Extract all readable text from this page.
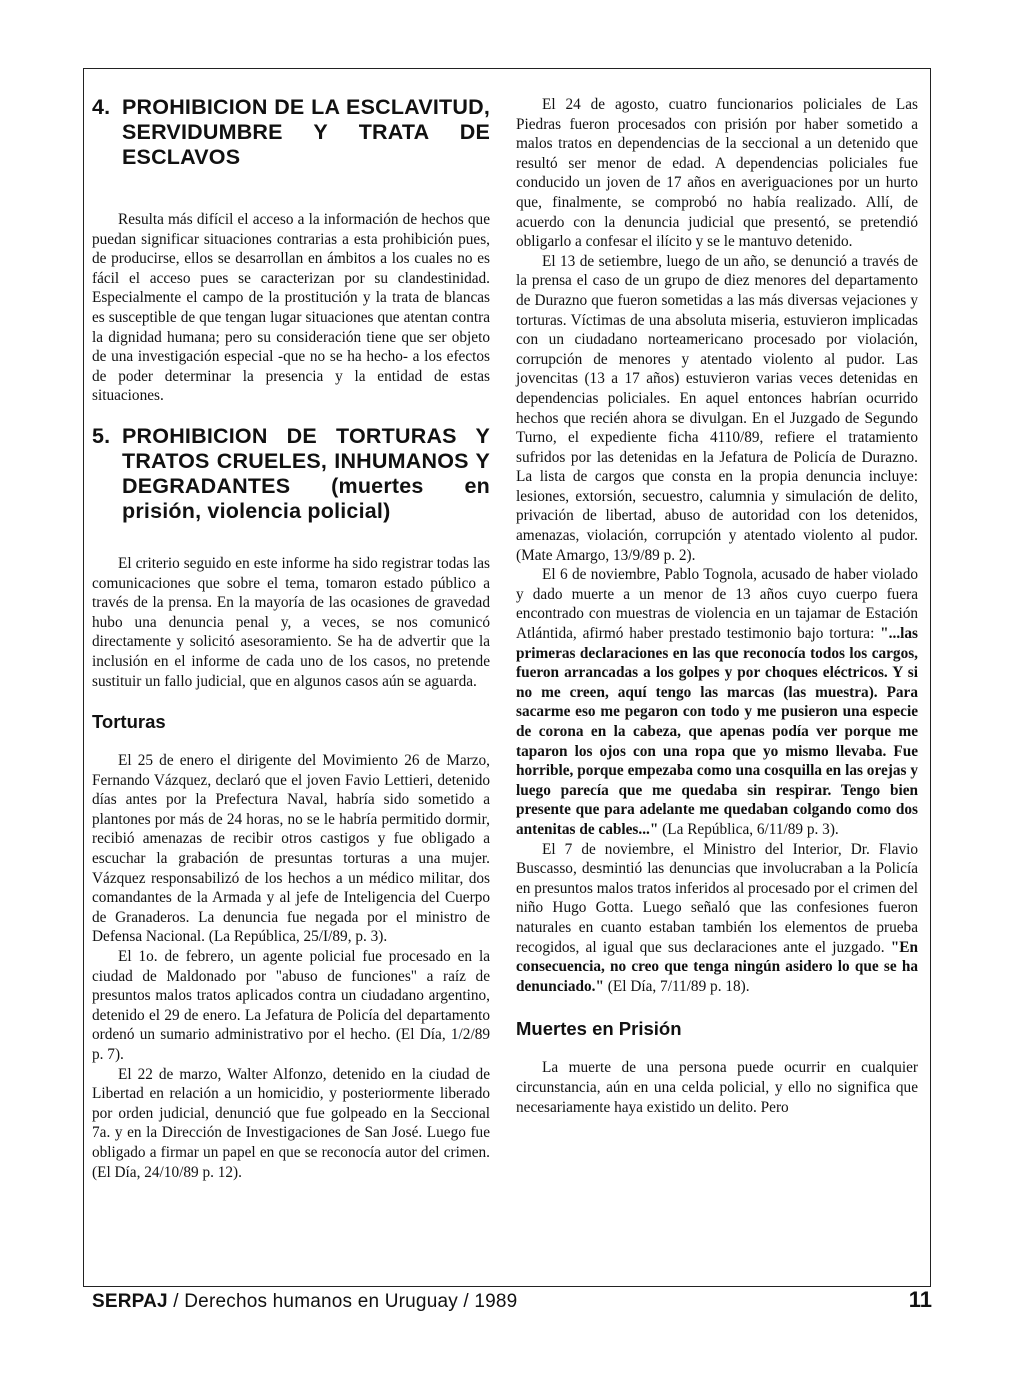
4. PROHIBICION DE LA ESCLAVITUD, SERVIDUMBRE Y TRATA DE ESCLAVOS

Resulta más difícil el acceso a la información de hechos que puedan significar situaciones contrarias a esta prohibición pues, de producirse, ellos se desarrollan en ámbitos a los cuales no es fácil el acceso pues se caracterizan por su clandestinidad. Especialmente el campo de la prostitución y la trata de blancas es susceptible de que tengan lugar situaciones que atentan contra la dignidad humana; pero su consideración tiene que ser objeto de una investigación especial -que no se ha hecho- a los efectos de poder determinar la presencia y la entidad de estas situaciones.

5. PROHIBICION DE TORTURAS Y TRATOS CRUELES, INHUMANOS Y DEGRADANTES (muertes en prisión, violencia policial)

El criterio seguido en este informe ha sido registrar todas las comunicaciones que sobre el tema, tomaron estado público a través de la prensa. En la mayoría de las ocasiones de gravedad hubo una denuncia penal y, a veces, se nos comunicó directamente y solicitó asesoramiento. Se ha de advertir que la inclusión en el informe de cada uno de los casos, no pretende sustituir un fallo judicial, que en algunos casos aún se aguarda.

Torturas

El 25 de enero el dirigente del Movimiento 26 de Marzo, Fernando Vázquez, declaró que el joven Favio Lettieri, detenido días antes por la Prefectura Naval, habría sido sometido a plantones por más de 24 horas, no se le habría permitido dormir, recibió amenazas de recibir otros castigos y fue obligado a escuchar la grabación de presuntas torturas a una mujer. Vázquez responsabilizó de los hechos a un médico militar, dos comandantes de la Armada y al jefe de Inteligencia del Cuerpo de Granaderos. La denuncia fue negada por el ministro de Defensa Nacional. (La República, 25/I/89, p. 3).

El 1o. de febrero, un agente policial fue procesado en la ciudad de Maldonado por "abuso de funciones" a raíz de presuntos malos tratos aplicados contra un ciudadano argentino, detenido el 29 de enero. La Jefatura de Policía del departamento ordenó un sumario administrativo por el hecho. (El Día, 1/2/89 p. 7).

El 22 de marzo, Walter Alfonzo, detenido en la ciudad de Libertad en relación a un homicidio, y posteriormente liberado por orden judicial, denunció que fue golpeado en la Seccional 7a. y en la Dirección de Investigaciones de San José. Luego fue obligado a firmar un papel en que se reconocía autor del crimen. (El Día, 24/10/89 p. 12).

El 24 de agosto, cuatro funcionarios policiales de Las Piedras fueron procesados con prisión por haber sometido a malos tratos en dependencias de la seccional a un detenido que resultó ser menor de edad. A dependencias policiales fue conducido un joven de 17 años en averiguaciones por un hurto que, finalmente, se comprobó no había realizado. Allí, de acuerdo con la denuncia judicial que presentó, se pretendió obligarlo a confesar el ilícito y se le mantuvo detenido.

El 13 de setiembre, luego de un año, se denunció a través de la prensa el caso de un grupo de diez menores del departamento de Durazno que fueron sometidas a las más diversas vejaciones y torturas. Víctimas de una absoluta miseria, estuvieron implicadas con un ciudadano norteamericano procesado por violación, corrupción de menores y atentado violento al pudor. Las jovencitas (13 a 17 años) estuvieron varias veces detenidas en dependencias policiales. En aquel entonces habrían ocurrido hechos que recién ahora se divulgan. En el Juzgado de Segundo Turno, el expediente ficha 4110/89, refiere el tratamiento sufridos por las detenidas en la Jefatura de Policía de Durazno. La lista de cargos que consta en la propia denuncia incluye: lesiones, extorsión, secuestro, calumnia y simulación de delito, privación de libertad, abuso de autoridad con los detenidos, amenazas, violación, corrupción y atentado violento al pudor. (Mate Amargo, 13/9/89 p. 2).

El 6 de noviembre, Pablo Tognola, acusado de haber violado y dado muerte a un menor de 13 años cuyo cuerpo fuera encontrado con muestras de violencia en un tajamar de Estación Atlántida, afirmó haber prestado testimonio bajo tortura: "...las primeras declaraciones en las que reconocía todos los cargos, fueron arrancadas a los golpes y por choques eléctricos. Y si no me creen, aquí tengo las marcas (las muestra). Para sacarme eso me pegaron con todo y me pusieron una especie de corona en la cabeza, que apenas podía ver porque me taparon los ojos con una ropa que yo mismo llevaba. Fue horrible, porque empezaba como una cosquilla en las orejas y luego parecía que me quedaba sin respirar. Tengo bien presente que para adelante me quedaban colgando como dos antenitas de cables..." (La República, 6/11/89 p. 3).

El 7 de noviembre, el Ministro del Interior, Dr. Flavio Buscasso, desmintió las denuncias que involucraban a la Policía en presuntos malos tratos inferidos al procesado por el crimen del niño Hugo Gotta. Luego señaló que las confesiones fueron naturales en cuanto estaban también los elementos de prueba recogidos, al igual que sus declaraciones ante el juzgado. "En consecuencia, no creo que tenga ningún asidero lo que se ha denunciado." (El Día, 7/11/89 p. 18).

Muertes en Prisión

La muerte de una persona puede ocurrir en cualquier circunstancia, aún en una celda policial, y ello no significa que necesariamente haya existido un delito. Pero

SERPAJ / Derechos humanos en Uruguay / 1989	11
